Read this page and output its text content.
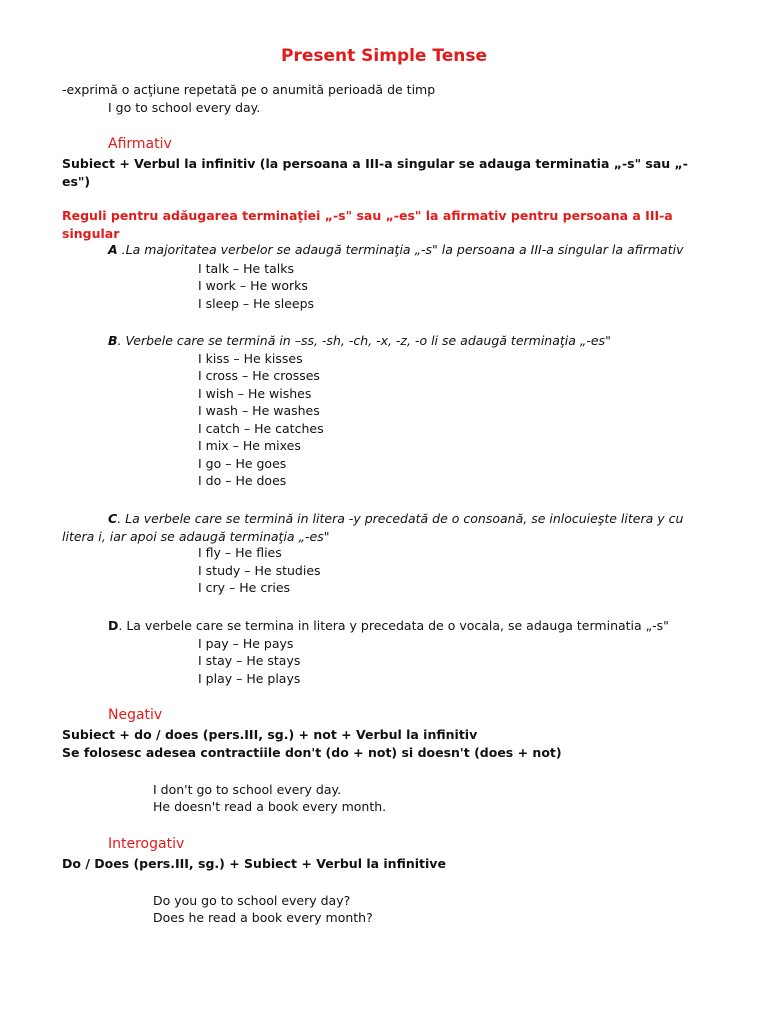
Present Simple Tense
-exprimă o acţiune repetată pe o anumită perioadă de timp
I go to school every day.
Afirmativ
Subiect + Verbul la infinitiv (la persoana a III-a singular se adauga terminatia „-s" sau „-es")
Reguli pentru adăugarea terminaţiei „-s" sau „-es" la afirmativ pentru persoana a III-a singular
A .La majoritatea verbelor se adaugă terminaţia „-s" la persoana a III-a singular la afirmativ
I talk – He talks
I work – He works
I sleep – He sleeps
B. Verbele care se termină in –ss, -sh, -ch, -x, -z, -o li se adaugă terminaţia „-es"
I kiss – He kisses
I cross – He crosses
I wish – He wishes
I wash – He washes
I catch – He catches
I mix – He mixes
I go – He goes
I do – He does
C. La verbele care se termină in litera -y precedată de o consoană, se inlocuieşte litera y cu litera i, iar apoi se adaugă terminaţia „-es"
I fly – He flies
I study – He studies
I cry – He cries
D. La verbele care se termina in litera y precedata de o vocala, se adauga terminatia „-s"
I pay – He pays
I stay – He stays
I play – He plays
Negativ
Subiect + do / does (pers.III, sg.) + not + Verbul la infinitiv
Se folosesc adesea contractiile don't (do + not) si doesn't (does + not)
I don't go to school every day.
He doesn't read a book every month.
Interogativ
Do / Does (pers.III, sg.) + Subiect + Verbul la infinitive
Do you go to school every day?
Does he read a book every month?
